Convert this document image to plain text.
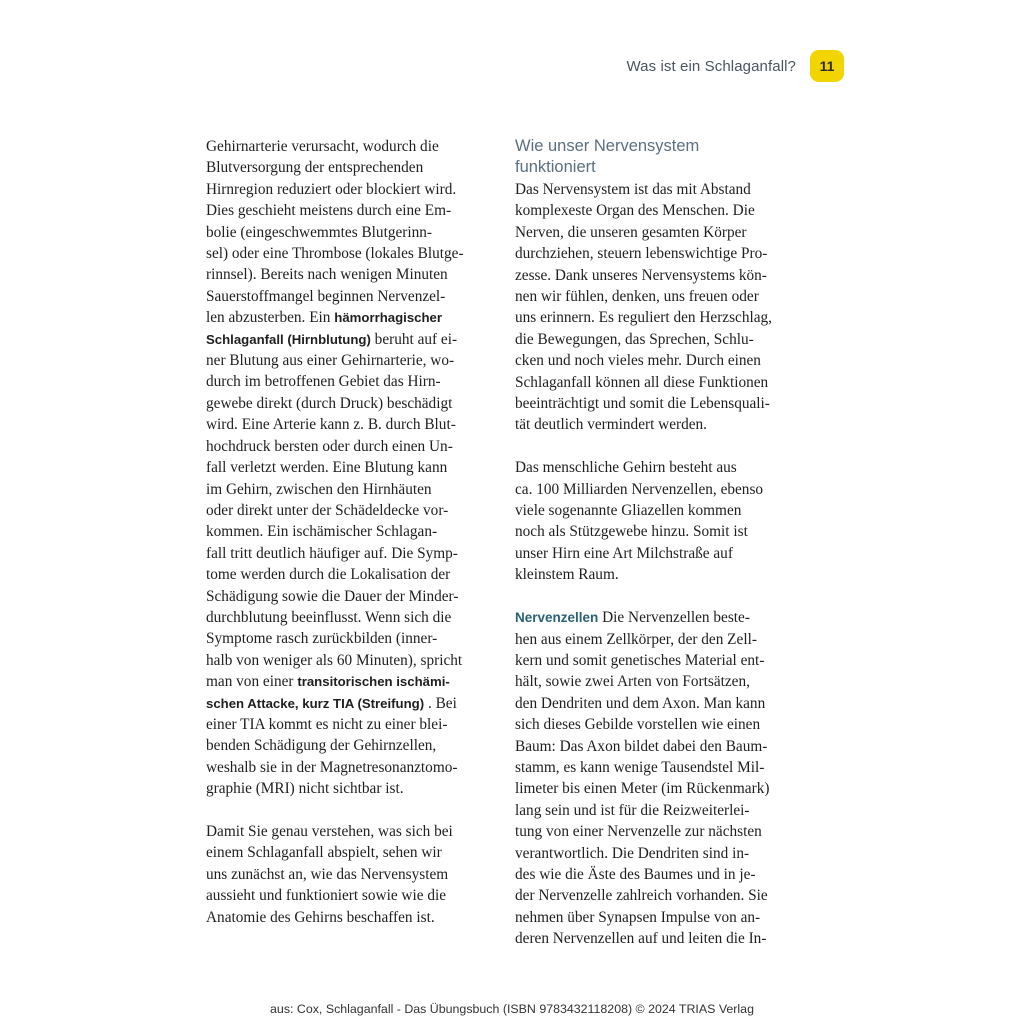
Was ist ein Schlaganfall?	11
Gehirnarterie verursacht, wodurch die
Blutversorgung der entsprechenden
Hirnregion reduziert oder blockiert wird.
Dies geschieht meistens durch eine Em-
bolie (eingeschwemmtes Blutgerinn-
sel) oder eine Thrombose (lokales Blutge-
rinnsel). Bereits nach wenigen Minuten
Sauerstoffmangel beginnen Nervenzel-
len abzusterben. Ein hämorrhagischer
Schlaganfall (Hirnblutung) beruht auf ei-
ner Blutung aus einer Gehirnarterie, wo-
durch im betroffenen Gebiet das Hirn-
gewebe direkt (durch Druck) beschädigt
wird. Eine Arterie kann z. B. durch Blut-
hochdruck bersten oder durch einen Un-
fall verletzt werden. Eine Blutung kann
im Gehirn, zwischen den Hirnhäuten
oder direkt unter der Schädeldecke vor-
kommen. Ein ischämischer Schlagan-
fall tritt deutlich häufiger auf. Die Symp-
tome werden durch die Lokalisation der
Schädigung sowie die Dauer der Minder-
durchblutung beeinflusst. Wenn sich die
Symptome rasch zurückbilden (inner-
halb von weniger als 60 Minuten), spricht
man von einer transitorischen ischämi-
schen Attacke, kurz TIA (Streifung) . Bei
einer TIA kommt es nicht zu einer blei-
benden Schädigung der Gehirnzellen,
weshalb sie in der Magnetresonanztomo-
graphie (MRI) nicht sichtbar ist.
Damit Sie genau verstehen, was sich bei
einem Schlaganfall abspielt, sehen wir
uns zunächst an, wie das Nervensystem
aussieht und funktioniert sowie wie die
Anatomie des Gehirns beschaffen ist.
Wie unser Nervensystem
funktioniert
Das Nervensystem ist das mit Abstand
komplexeste Organ des Menschen. Die
Nerven, die unseren gesamten Körper
durchziehen, steuern lebenswichtige Pro-
zesse. Dank unseres Nervensystems kön-
nen wir fühlen, denken, uns freuen oder
uns erinnern. Es reguliert den Herzschlag,
die Bewegungen, das Sprechen, Schlu-
cken und noch vieles mehr. Durch einen
Schlaganfall können all diese Funktionen
beeinträchtigt und somit die Lebensquali-
tät deutlich vermindert werden.
Das menschliche Gehirn besteht aus
ca. 100 Milliarden Nervenzellen, ebenso
viele sogenannte Gliazellen kommen
noch als Stützgewebe hinzu. Somit ist
unser Hirn eine Art Milchstraße auf
kleinstem Raum.
Nervenzellen Die Nervenzellen beste-
hen aus einem Zellkörper, der den Zell-
kern und somit genetisches Material ent-
hält, sowie zwei Arten von Fortsätzen,
den Dendriten und dem Axon. Man kann
sich dieses Gebilde vorstellen wie einen
Baum: Das Axon bildet dabei den Baum-
stamm, es kann wenige Tausendstel Mil-
limeter bis einen Meter (im Rückenmark)
lang sein und ist für die Reizweiterlei-
tung von einer Nervenzelle zur nächsten
verantwortlich. Die Dendriten sind in-
des wie die Äste des Baumes und in je-
der Nervenzelle zahlreich vorhanden. Sie
nehmen über Synapsen Impulse von an-
deren Nervenzellen auf und leiten die In-
aus: Cox, Schlaganfall - Das Übungsbuch (ISBN 9783432118208) © 2024 TRIAS Verlag
